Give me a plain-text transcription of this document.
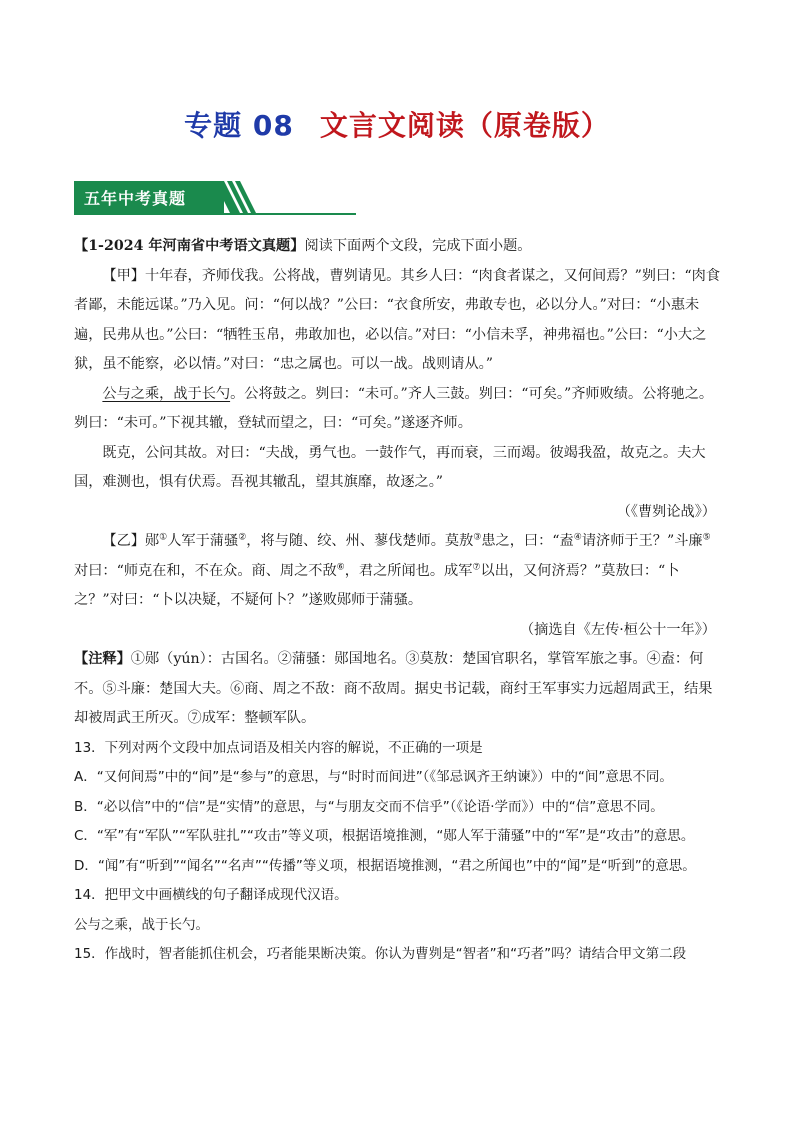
专题 08 文言文阅读（原卷版）
五年中考真题

【1-2024 年河南省中考语文真题】阅读下面两个文段，完成下面小题。

【甲】十年春，齐师伐我。公将战，曹刿请见。其乡人曰：“肉食者谋之，又何间焉？”刿曰：“肉食者鄙，未能远谋。”乃入见。问：“何以战？”公曰：“衣食所安，弗敢专也，必以分人。”对曰：“小惠未遍，民弗从也。”公曰：“牺牲玉帛，弗敢加也，必以信。”对曰：“小信未孚，神弗福也。”公曰：“小大之狱，虽不能察，必以情。”对曰：“忠之属也。可以一战。战则请从。”

公与之乘，战于长勺。公将鼓之。刿曰：“未可。”齐人三鼓。刿曰：“可矣。”齐师败绩。公将驰之。刿曰：“未可。”下视其辙，登轼而望之，曰：“可矣。”遂逐齐师。

既克，公问其故。对曰：“夫战，勇气也。一鼓作气，再而衰，三而竭。彼竭我盈，故克之。夫大国，难测也，惧有伏焉。吾视其辙乱，望其旗靡，故逐之。”

（《曹刿论战》）

【乙】郧①人军于蒲骚②，将与随、绞、州、蓼伐楚师。莫敖③患之，曰：“盍④请济师于王？”斗廉⑤对曰：“师克在和，不在众。商、周之不敌⑥，君之所闻也。成军⑦以出，又何济焉？”莫敖曰：“卜之？”对曰：“卜以决疑，不疑何卜？”遂败郧师于蒲骚。

（摘选自《左传·桓公十一年》）

【注释】①郧（yún）：古国名。②蒲骚：郧国地名。③莫敖：楚国官职名，掌管军旅之事。④盍：何不。⑤斗廉：楚国大夫。⑥商、周之不敌：商不敌周。据史书记载，商纣王军事实力远超周武王，结果却被周武王所灭。⑦成军：整顿军队。

13．下列对两个文段中加点词语及相关内容的解说，不正确的一项是

A．“又何间焉”中的“间”是“参与”的意思，与“时时而间进”（《邹忌讽齐王纳谏》）中的“间”意思不同。

B．“必以信”中的“信”是“实情”的意思，与“与朋友交而不信乎”（《论语·学而》）中的“信”意思不同。

C．“军”有“军队”“军队驻扎”“攻击”等义项，根据语境推测，“郧人军于蒲骚”中的“军”是“攻击”的意思。

D．“闻”有“听到”“闻名”“名声”“传播”等义项，根据语境推测，“君之所闻也”中的“闻”是“听到”的意思。

14．把甲文中画横线的句子翻译成现代汉语。

公与之乘，战于长勺。

15．作战时，智者能抓住机会，巧者能果断决策。你认为曹刿是“智者”和“巧者”吗？请结合甲文第二段
